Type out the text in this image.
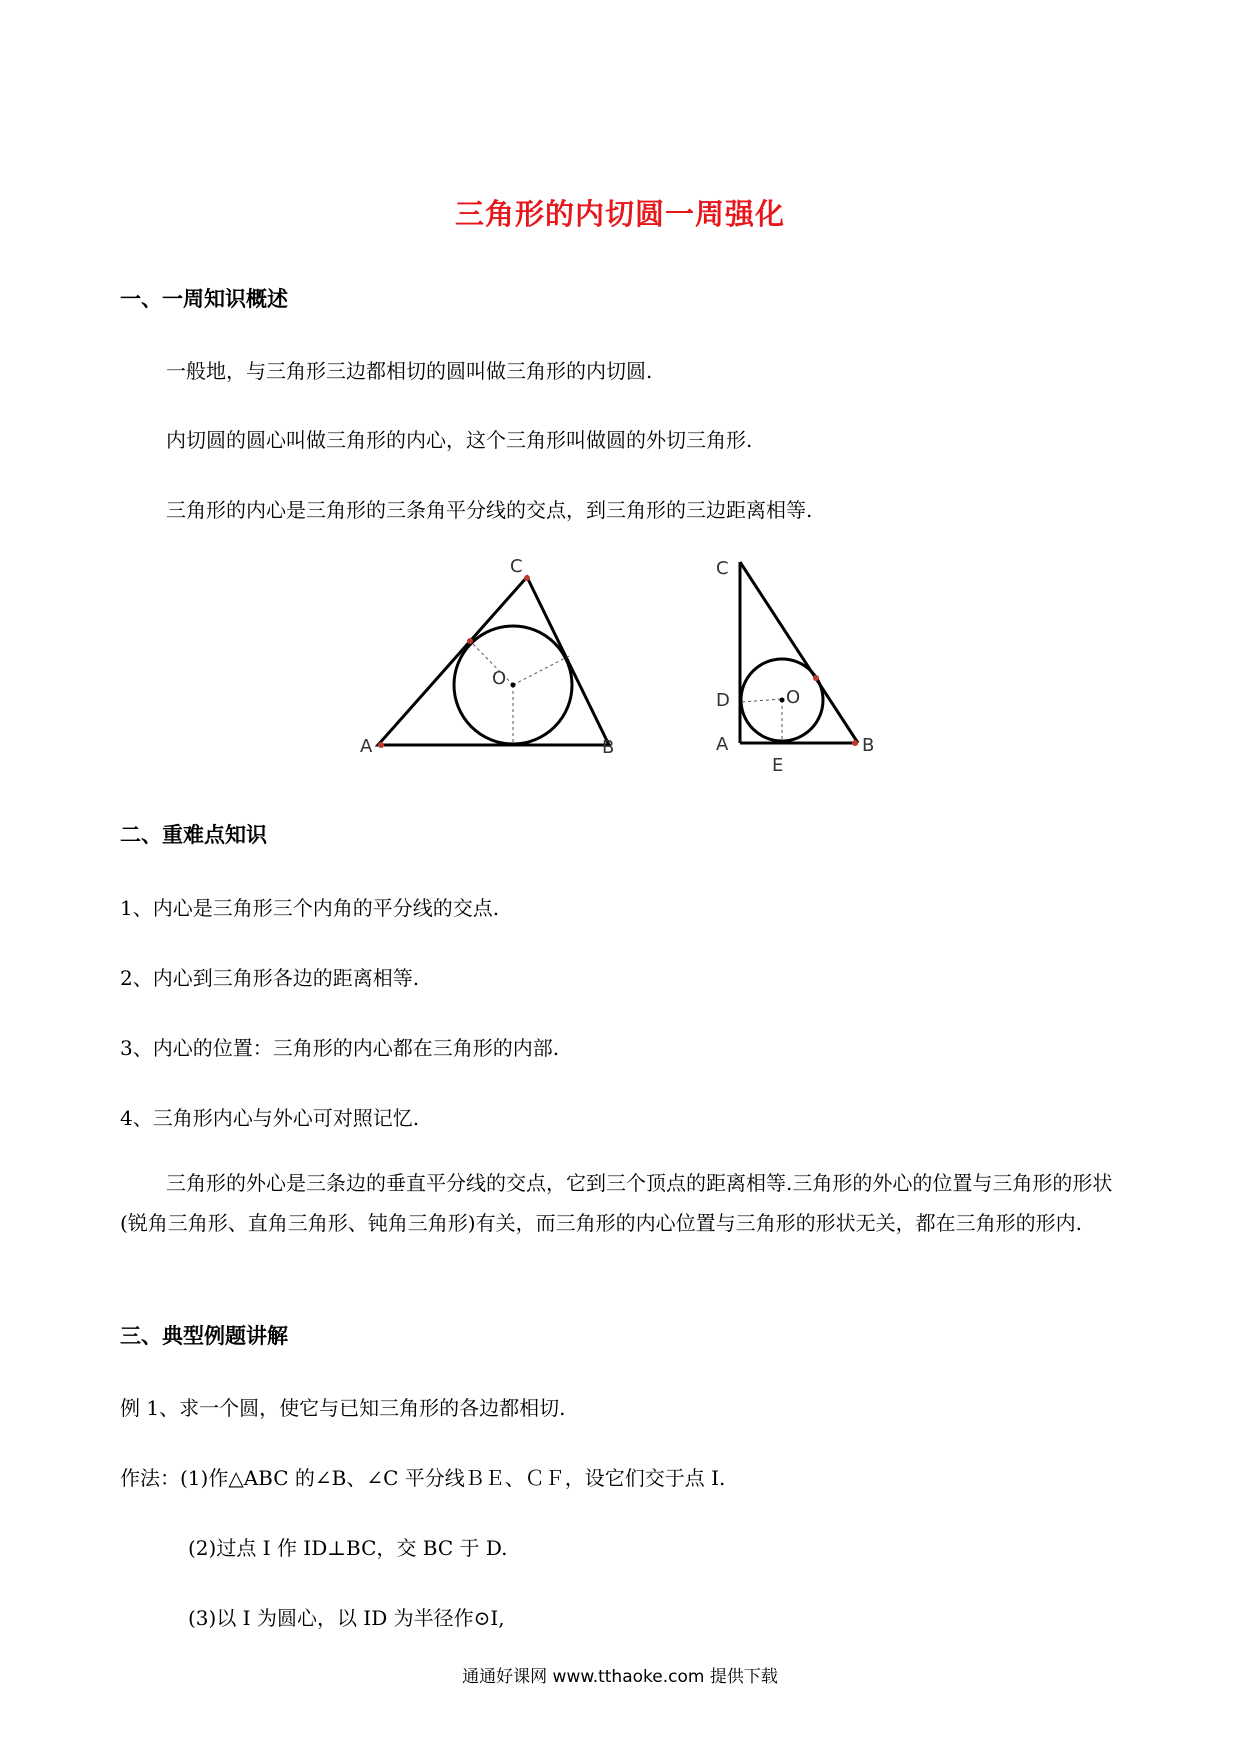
三角形的内切圆一周强化
一、一周知识概述
一般地，与三角形三边都相切的圆叫做三角形的内切圆.
内切圆的圆心叫做三角形的内心，这个三角形叫做圆的外切三角形.
三角形的内心是三角形的三条角平分线的交点，到三角形的三边距离相等.
A	B
C
O
C
D	O
A
E
B
二、重难点知识
1、内心是三角形三个内角的平分线的交点.
2、内心到三角形各边的距离相等.
3、内心的位置：三角形的内心都在三角形的内部.
4、三角形内心与外心可对照记忆.
三角形的外心是三条边的垂直平分线的交点，它到三个顶点的距离相等.三角形的外心的位置与三角形的形状(锐角三角形、直角三角形、钝角三角形)有关，而三角形的内心位置与三角形的形状无关，都在三角形的形内.
三、典型例题讲解
例 1、求一个圆，使它与已知三角形的各边都相切.
作法：(1)作△ABC 的∠B、∠C 平分线ＢＥ、ＣＦ，设它们交于点 I.
(2)过点 I 作 ID⊥BC，交 BC 于 D.
(3)以 I 为圆心，以 ID 为半径作⊙I,
通通好课网 www.tthaoke.com 提供下载
